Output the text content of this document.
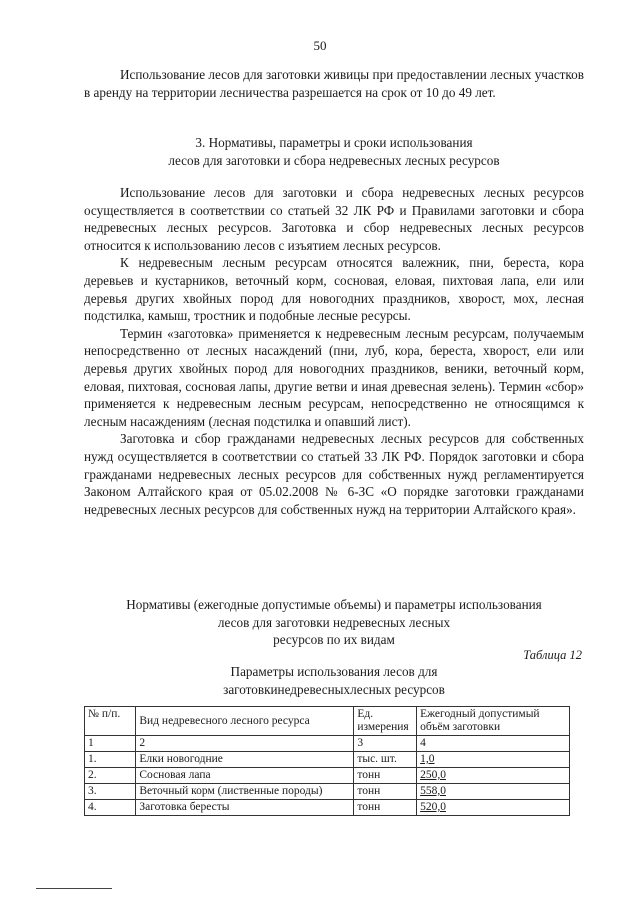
50

Использование лесов для заготовки живицы при предоставлении лесных участков в аренду на территории лесничества разрешается на срок от 10 до 49 лет.

3. Нормативы, параметры и сроки использования
лесов для заготовки и сбора недревесных лесных ресурсов

Использование лесов для заготовки и сбора недревесных лесных ресурсов осуществляется в соответствии со статьей 32 ЛК РФ и Правилами заготовки и сбора недревесных лесных ресурсов. Заготовка и сбор недревесных лесных ресурсов относится к использованию лесов с изъятием лесных ресурсов.

К недревесным лесным ресурсам относятся валежник, пни, береста, кора деревьев и кустарников, веточный корм, сосновая, еловая, пихтовая лапа, ели или деревья других хвойных пород для новогодних праздников, хворост, мох, лесная подстилка, камыш, тростник и подобные лесные ресурсы.

Термин «заготовка» применяется к недревесным лесным ресурсам, получаемым непосредственно от лесных насаждений (пни, луб, кора, береста, хворост, ели или деревья других хвойных пород для новогодних праздников, веники, веточный корм, еловая, пихтовая, сосновая лапы, другие ветви и иная древесная зелень). Термин «сбор» применяется к недревесным лесным ресурсам, непосредственно не относящимся к лесным насаждениям (лесная подстилка и опавший лист).

Заготовка и сбор гражданами недревесных лесных ресурсов для собственных нужд осуществляется в соответствии со статьей 33 ЛК РФ. Порядок заготовки и сбора гражданами недревесных лесных ресурсов для собственных нужд регламентируется Законом Алтайского края от 05.02.2008 № 6-ЗС «О порядке заготовки гражданами недревесных лесных ресурсов для собственных нужд на территории Алтайского края».

Нормативы (ежегодные допустимые объемы) и параметры использования
лесов для заготовки недревесных лесных
ресурсов по их видам
Таблица 12
Параметры использования лесов для
заготовкинедревесныхлесных ресурсов
№ п/п.	Вид недревесного лесного ресурса	Ед. измерения	Ежегодный допустимый объём заготовки
1	2	3	4
1.	Елки новогодние	тыс. шт.	1,0
2.	Сосновая лапа	тонн	250,0
3.	Веточный корм (лиственные породы)	тонн	558,0
4.	Заготовка бересты	тонн	520,0
